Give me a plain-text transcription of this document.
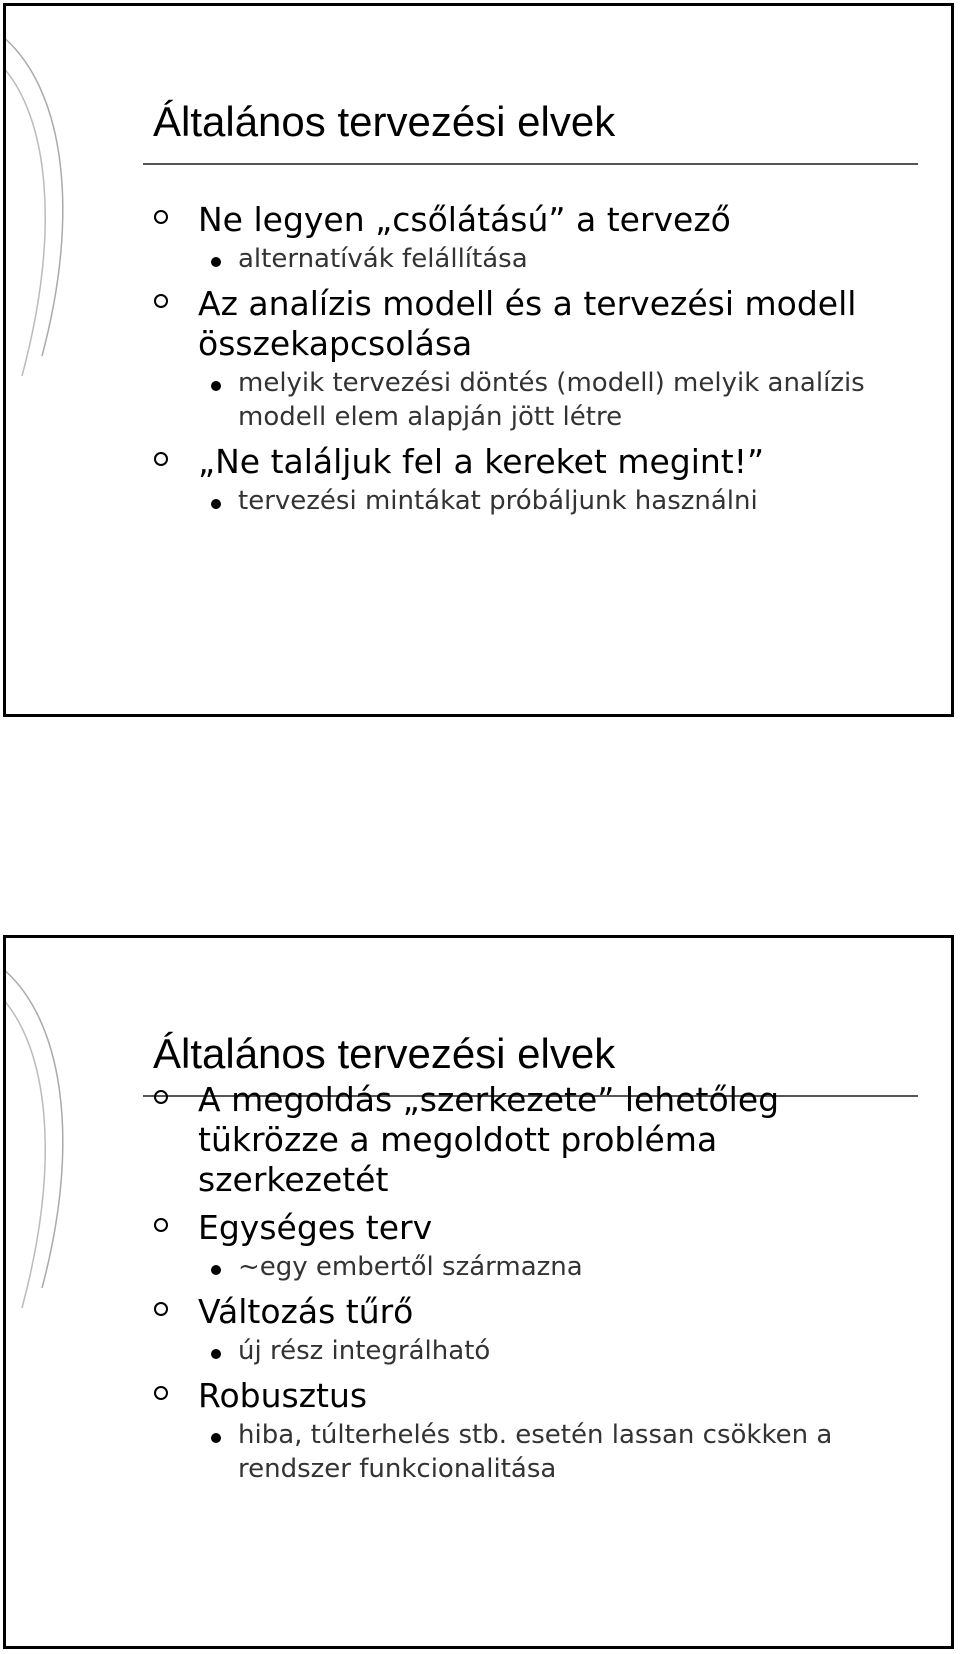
Általános tervezési elvek
Ne legyen „csőlátású” a tervező
alternatívák felállítása
Az analízis modell és a tervezési modell összekapcsolása
melyik tervezési döntés (modell) melyik analízis modell elem alapján jött létre
„Ne találjuk fel a kereket megint!”
tervezési mintákat próbáljunk használni
Általános tervezési elvek
A megoldás „szerkezete” lehetőleg tükrözze a megoldott probléma szerkezetét
Egységes terv
~egy embertől származna
Változás tűrő
új rész integrálható
Robusztus
hiba, túlterhelés stb. esetén lassan csökken a rendszer funkcionalitása
